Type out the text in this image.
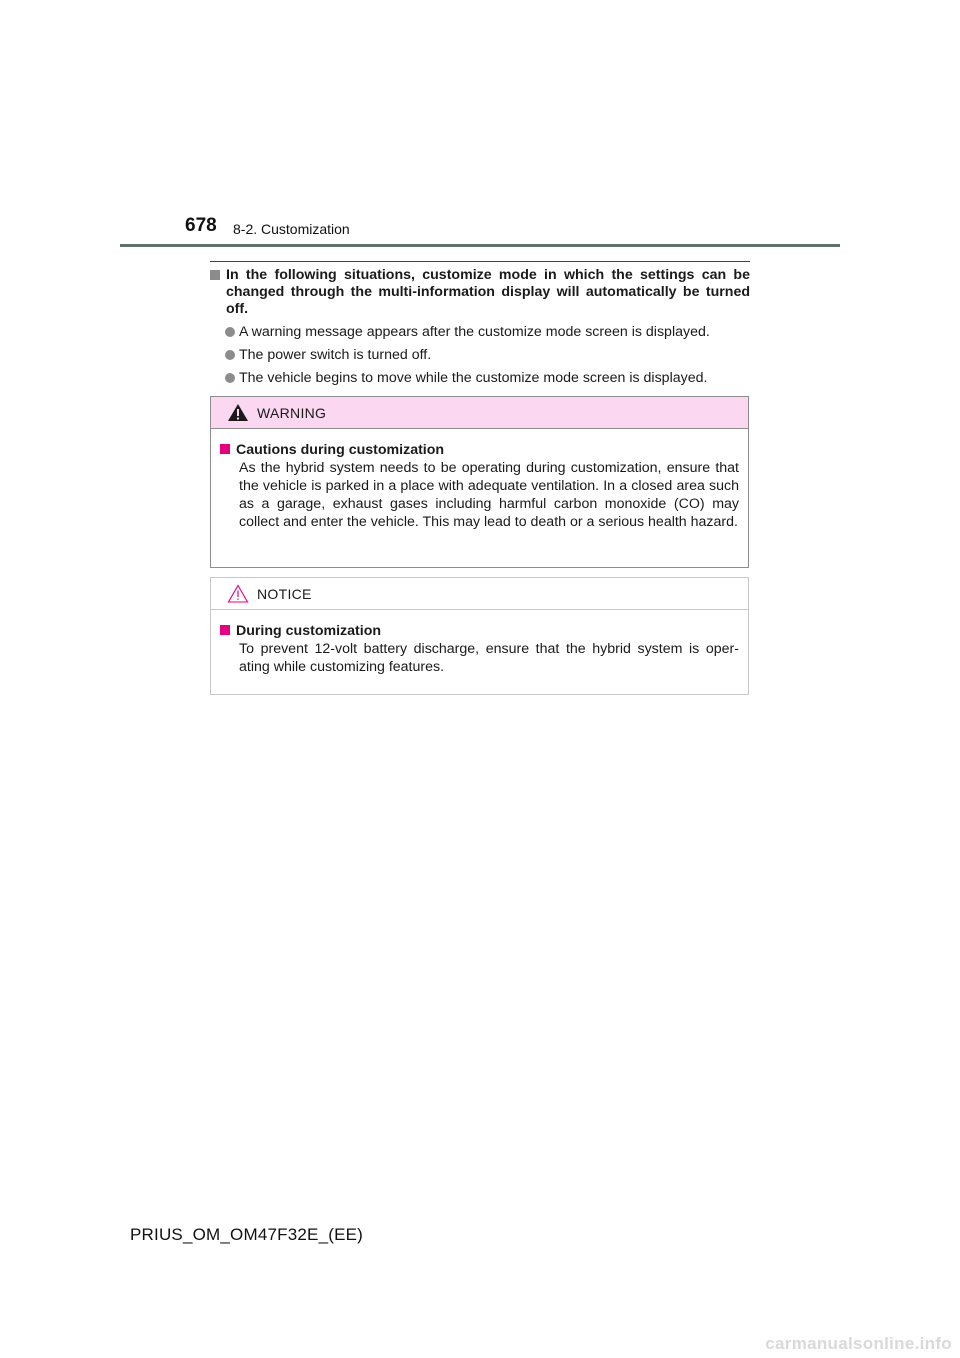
678 8-2. Customization
In the following situations, customize mode in which the settings can be changed through the multi-information display will automatically be turned off.
A warning message appears after the customize mode screen is displayed.
The power switch is turned off.
The vehicle begins to move while the customize mode screen is displayed.
WARNING
Cautions during customization
As the hybrid system needs to be operating during customization, ensure that the vehicle is parked in a place with adequate ventilation. In a closed area such as a garage, exhaust gases including harmful carbon monoxide (CO) may collect and enter the vehicle. This may lead to death or a serious health hazard.
NOTICE
During customization
To prevent 12-volt battery discharge, ensure that the hybrid system is oper-ating while customizing features.
PRIUS_OM_OM47F32E_(EE)
carmanualsonline.info
